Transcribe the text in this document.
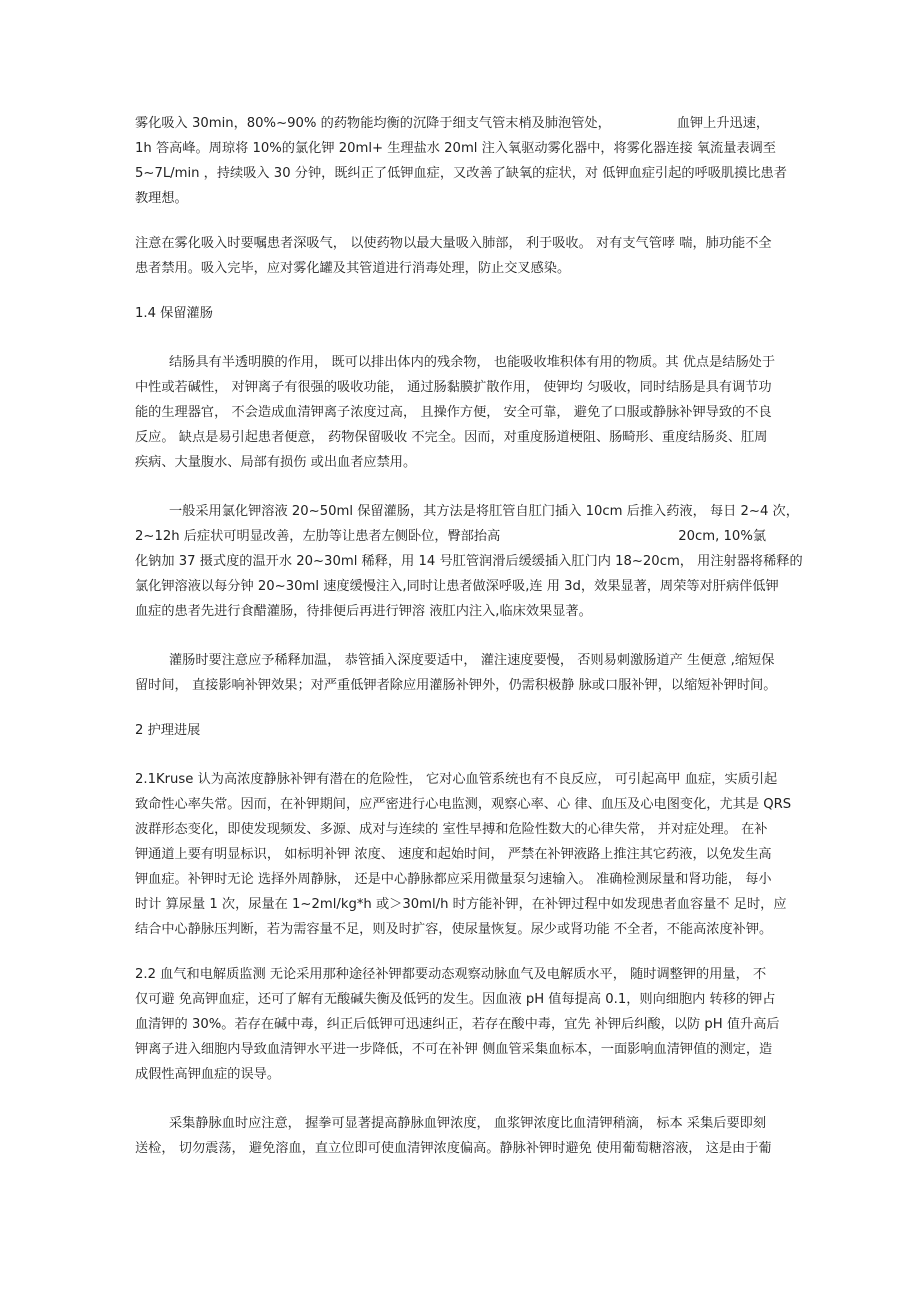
雾化吸入 30min，80%~90% 的药物能均衡的沉降于细支气管末梢及肺泡管处，	血钾上升迅速，
1h 答高峰。周琼将 10%的氯化钾 20ml+ 生理盐水 20ml 注入氧驱动雾化器中，将雾化器连接 氧流量表调至
5~7L/min ，持续吸入 30 分钟，既纠正了低钾血症，又改善了缺氧的症状，对 低钾血症引起的呼吸肌摸比患者
教理想。
注意在雾化吸入时要嘱患者深吸气， 以使药物以最大量吸入肺部， 利于吸收。 对有支气管哮 喘，肺功能不全
患者禁用。吸入完毕，应对雾化罐及其管道进行消毒处理，防止交叉感染。
1.4 保留灌肠
结肠具有半透明膜的作用， 既可以排出体内的残余物， 也能吸收堆积体有用的物质。其 优点是结肠处于
中性或若碱性， 对钾离子有很强的吸收功能， 通过肠黏膜扩散作用， 使钾均 匀吸收，同时结肠是具有调节功
能的生理器官， 不会造成血清钾离子浓度过高， 且操作方便， 安全可靠， 避免了口服或静脉补钾导致的不良
反应。 缺点是易引起患者便意， 药物保留吸收 不完全。因而，对重度肠道梗阻、肠畸形、重度结肠炎、肛周
疾病、大量腹水、局部有损伤 或出血者应禁用。
一般采用氯化钾溶液 20~50ml 保留灌肠，其方法是将肛管自肛门插入 10cm 后推入药液， 每日 2~4 次，
2~12h 后症状可明显改善，左肋等让患者左侧卧位，臀部抬高	20cm, 10%氯
化钠加 37 摄式度的温开水 20~30ml 稀释，用 14 号肛管润滑后缓缓插入肛门内 18~20cm， 用注射器将稀释的
氯化钾溶液以每分钟 20~30ml 速度缓慢注入,同时让患者做深呼吸,连 用 3d，效果显著，周荣等对肝病伴低钾
血症的患者先进行食醋灌肠，待排便后再进行钾溶 液肛内注入,临床效果显著。
灌肠时要注意应予稀释加温， 恭管插入深度要适中， 灌注速度要慢， 否则易刺激肠道产 生便意 ,缩短保
留时间， 直接影响补钾效果；对严重低钾者除应用灌肠补钾外，仍需积极静 脉或口服补钾，以缩短补钾时间。
2 护理进展
2.1Kruse 认为高浓度静脉补钾有潜在的危险性， 它对心血管系统也有不良反应， 可引起高甲 血症，实质引起
致命性心率失常。因而，在补钾期间，应严密进行心电监测，观察心率、心 律、血压及心电图变化，尤其是 QRS
波群形态变化，即使发现频发、多源、成对与连续的 室性早搏和危险性数大的心律失常， 并对症处理。 在补
钾通道上要有明显标识， 如标明补钾 浓度、 速度和起始时间， 严禁在补钾液路上推注其它药液，以免发生高
钾血症。补钾时无论 选择外周静脉， 还是中心静脉都应采用微量泵匀速输入。 准确检测尿量和肾功能， 每小
时计 算尿量 1 次，尿量在 1~2ml/kg*h 或＞30ml/h 时方能补钾，在补钾过程中如发现患者血容量不 足时，应
结合中心静脉压判断，若为需容量不足，则及时扩容，使尿量恢复。尿少或肾功能 不全者，不能高浓度补钾。
2.2 血气和电解质监测 无论采用那种途径补钾都要动态观察动脉血气及电解质水平， 随时调整钾的用量， 不
仅可避 免高钾血症，还可了解有无酸碱失衡及低钙的发生。因血液 pH 值每提高 0.1，则向细胞内 转移的钾占
血清钾的 30%。若存在碱中毒，纠正后低钾可迅速纠正，若存在酸中毒，宜先 补钾后纠酸，以防 pH 值升高后
钾离子进入细胞内导致血清钾水平进一步降低，不可在补钾 侧血管采集血标本，一面影响血清钾值的测定，造
成假性高钾血症的误导。
采集静脉血时应注意， 握拳可显著提高静脉血钾浓度， 血浆钾浓度比血清钾稍滴， 标本 采集后要即刻
送检， 切勿震荡， 避免溶血，直立位即可使血清钾浓度偏高。静脉补钾时避免 使用葡萄糖溶液， 这是由于葡
